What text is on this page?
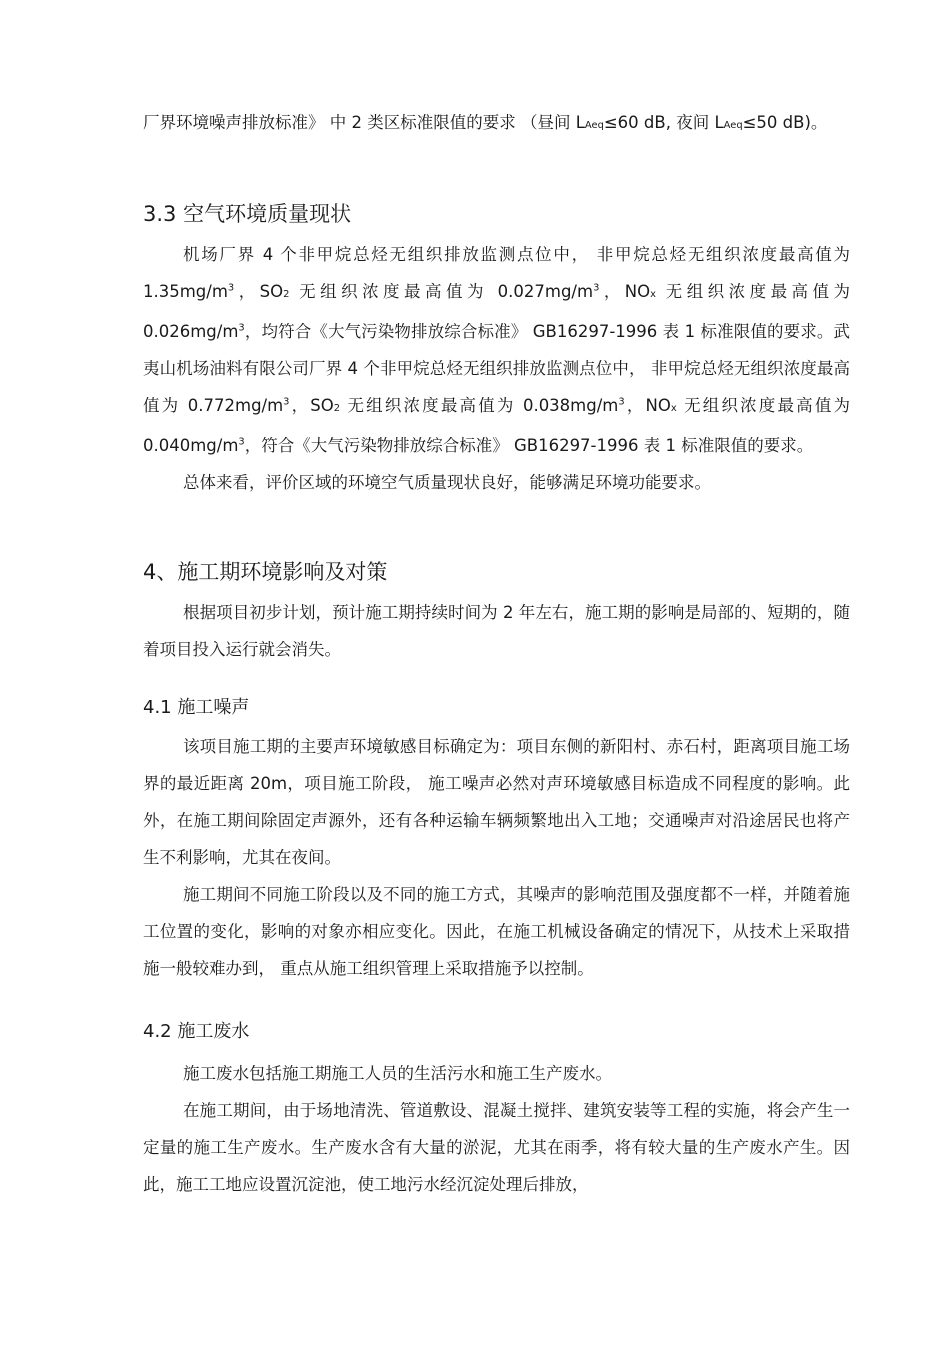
厂界环境噪声排放标准》 中 2 类区标准限值的要求 （昼间 $L_{Aeq}\le 60$ dB, 夜间 $L_{Aeq}\le 50$ dB)。

3.3 空气环境质量现状

机场厂界 4 个非甲烷总烃无组织排放监测点位中， 非甲烷总烃无组织浓度最高值为 $1.35mg/m^3$，$SO_2$ 无组织浓度最高值为 $0.027mg/m^3$，$NO_x$ 无组织浓度最高值为 $0.026mg/m^3$，均符合《大气污染物排放综合标准》 GB16297-1996 表 1 标准限值的要求。武夷山机场油料有限公司厂界 4 个非甲烷总烃无组织排放监测点位中， 非甲烷总烃无组织浓度最高值为 $0.772mg/m^3$，$SO_2$ 无组织浓度最高值为 $0.038mg/m^3$，$NO_x$ 无组织浓度最高值为 $0.040mg/m^3$，符合《大气污染物排放综合标准》 GB16297-1996 表 1 标准限值的要求。

总体来看，评价区域的环境空气质量现状良好，能够满足环境功能要求。

4、施工期环境影响及对策

根据项目初步计划，预计施工期持续时间为 2 年左右，施工期的影响是局部的、短期的，随着项目投入运行就会消失。

4.1 施工噪声

该项目施工期的主要声环境敏感目标确定为：项目东侧的新阳村、赤石村，距离项目施工场界的最近距离 20m，项目施工阶段， 施工噪声必然对声环境敏感目标造成不同程度的影响。此外，在施工期间除固定声源外，还有各种运输车辆频繁地出入工地；交通噪声对沿途居民也将产生不利影响，尤其在夜间。

施工期间不同施工阶段以及不同的施工方式，其噪声的影响范围及强度都不一样，并随着施工位置的变化，影响的对象亦相应变化。因此，在施工机械设备确定的情况下，从技术上采取措施一般较难办到， 重点从施工组织管理上采取措施予以控制。

4.2 施工废水

施工废水包括施工期施工人员的生活污水和施工生产废水。

在施工期间，由于场地清洗、管道敷设、混凝土搅拌、建筑安装等工程的实施，将会产生一定量的施工生产废水。生产废水含有大量的淤泥，尤其在雨季，将有较大量的生产废水产生。因此，施工工地应设置沉淀池，使工地污水经沉淀处理后排放，
